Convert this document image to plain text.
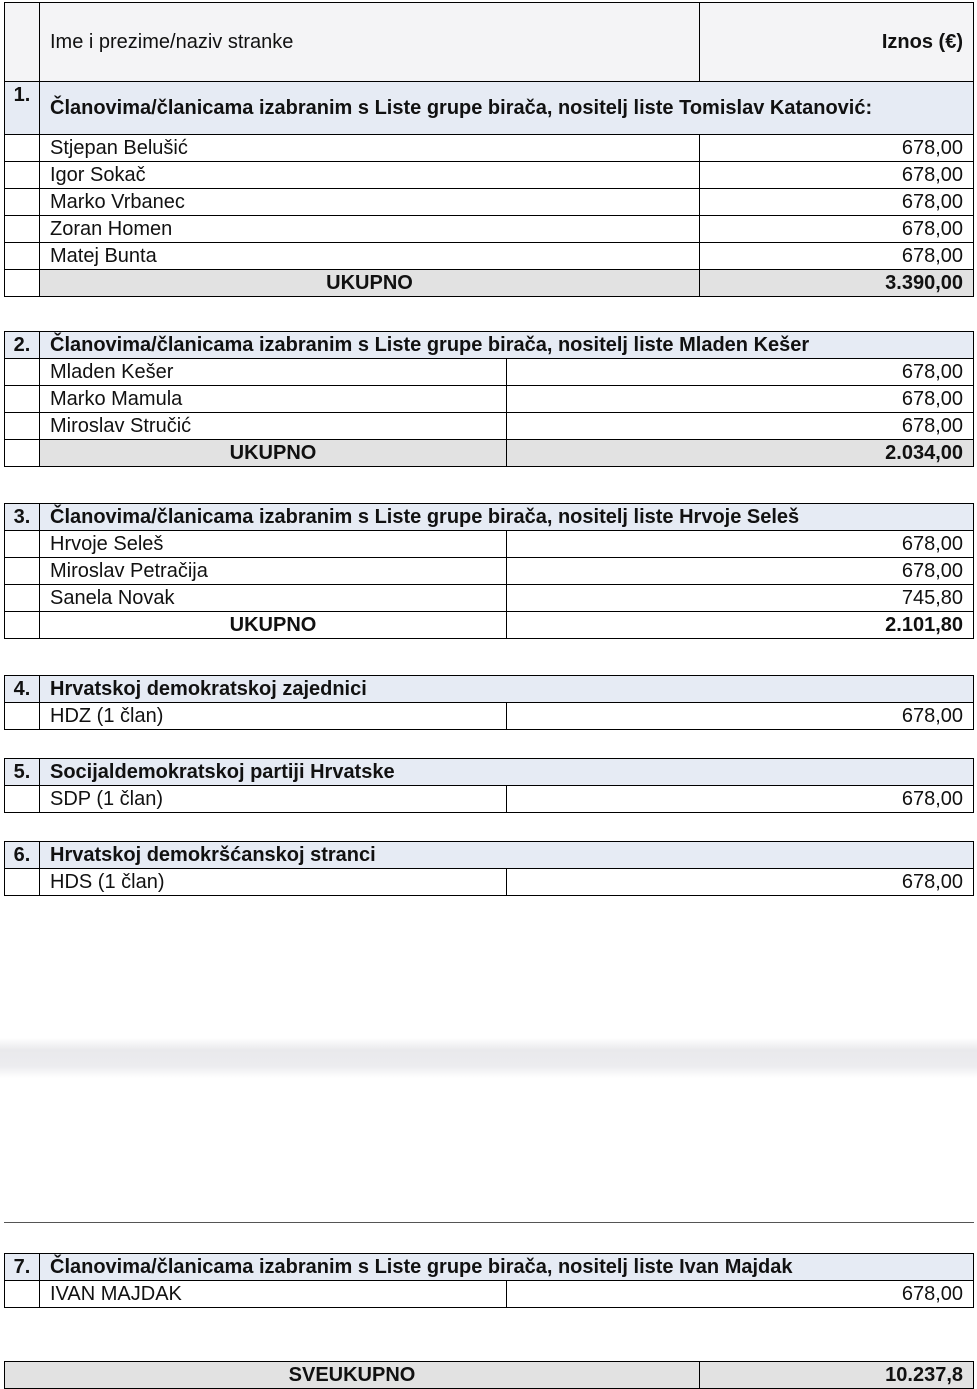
	Ime i prezime/naziv stranke	Iznos (€)
1.	Članovima/članicama izabranim s Liste grupe birača, nositelj liste Tomislav Katanović:	
	Stjepan Belušić	678,00
	Igor Sokač	678,00
	Marko Vrbanec	678,00
	Zoran Homen	678,00
	Matej Bunta	678,00
	UKUPNO	3.390,00
2.	Članovima/članicama izabranim s Liste grupe birača, nositelj liste Mladen Kešer	
	Mladen Kešer	678,00
	Marko Mamula	678,00
	Miroslav Stručić	678,00
	UKUPNO	2.034,00
3.	Članovima/članicama izabranim s Liste grupe birača, nositelj liste Hrvoje Seleš	
	Hrvoje Seleš	678,00
	Miroslav Petračija	678,00
	Sanela Novak	745,80
	UKUPNO	2.101,80
4.	Hrvatskoj demokratskoj zajednici	
	HDZ (1 član)	678,00
5.	Socijaldemokratskoj partiji Hrvatske	
	SDP (1 član)	678,00
6.	Hrvatskoj demokršćanskoj stranci	
	HDS (1 član)	678,00
7.	Članovima/članicama izabranim s Liste grupe birača, nositelj liste Ivan Majdak	
	IVAN MAJDAK	678,00
SVEUKUPNO	10.237,8
